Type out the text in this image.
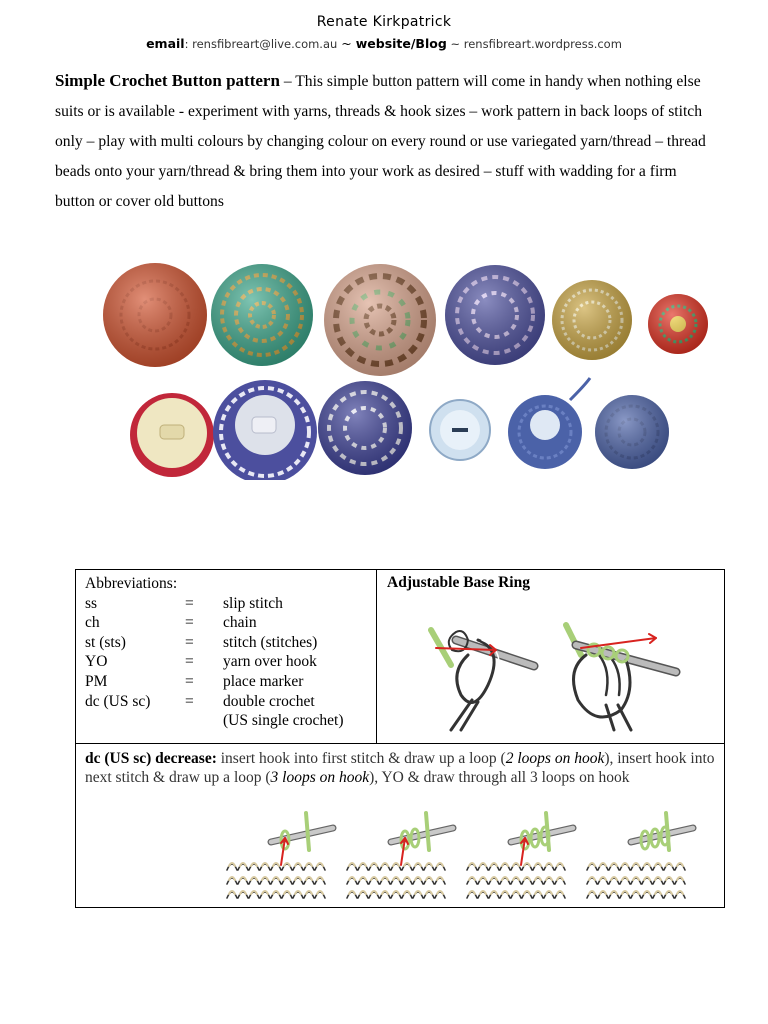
Renate Kirkpatrick
email: rensfibreart@live.com.au ~ website/Blog ~ rensfibreart.wordpress.com
Simple Crochet Button pattern – This simple button pattern will come in handy when nothing else suits or is available - experiment with yarns, threads & hook sizes – work pattern in back loops of stitch only – play with multi colours by changing colour on every round or use variegated yarn/thread – thread beads onto your yarn/thread & bring them into your work as desired – stuff with wadding for a firm button or cover old buttons
Abbreviations:
ss	= slip stitch
ch	= chain
st (sts)	= stitch (stitches)
YO	= yarn over hook
PM	= place marker
dc (US sc) = double crochet
(US single crochet)
Adjustable Base Ring
dc (US sc) decrease: insert hook into first stitch & draw up a loop (2 loops on hook), insert hook into next stitch & draw up a loop (3 loops on hook), YO & draw through all 3 loops on hook
